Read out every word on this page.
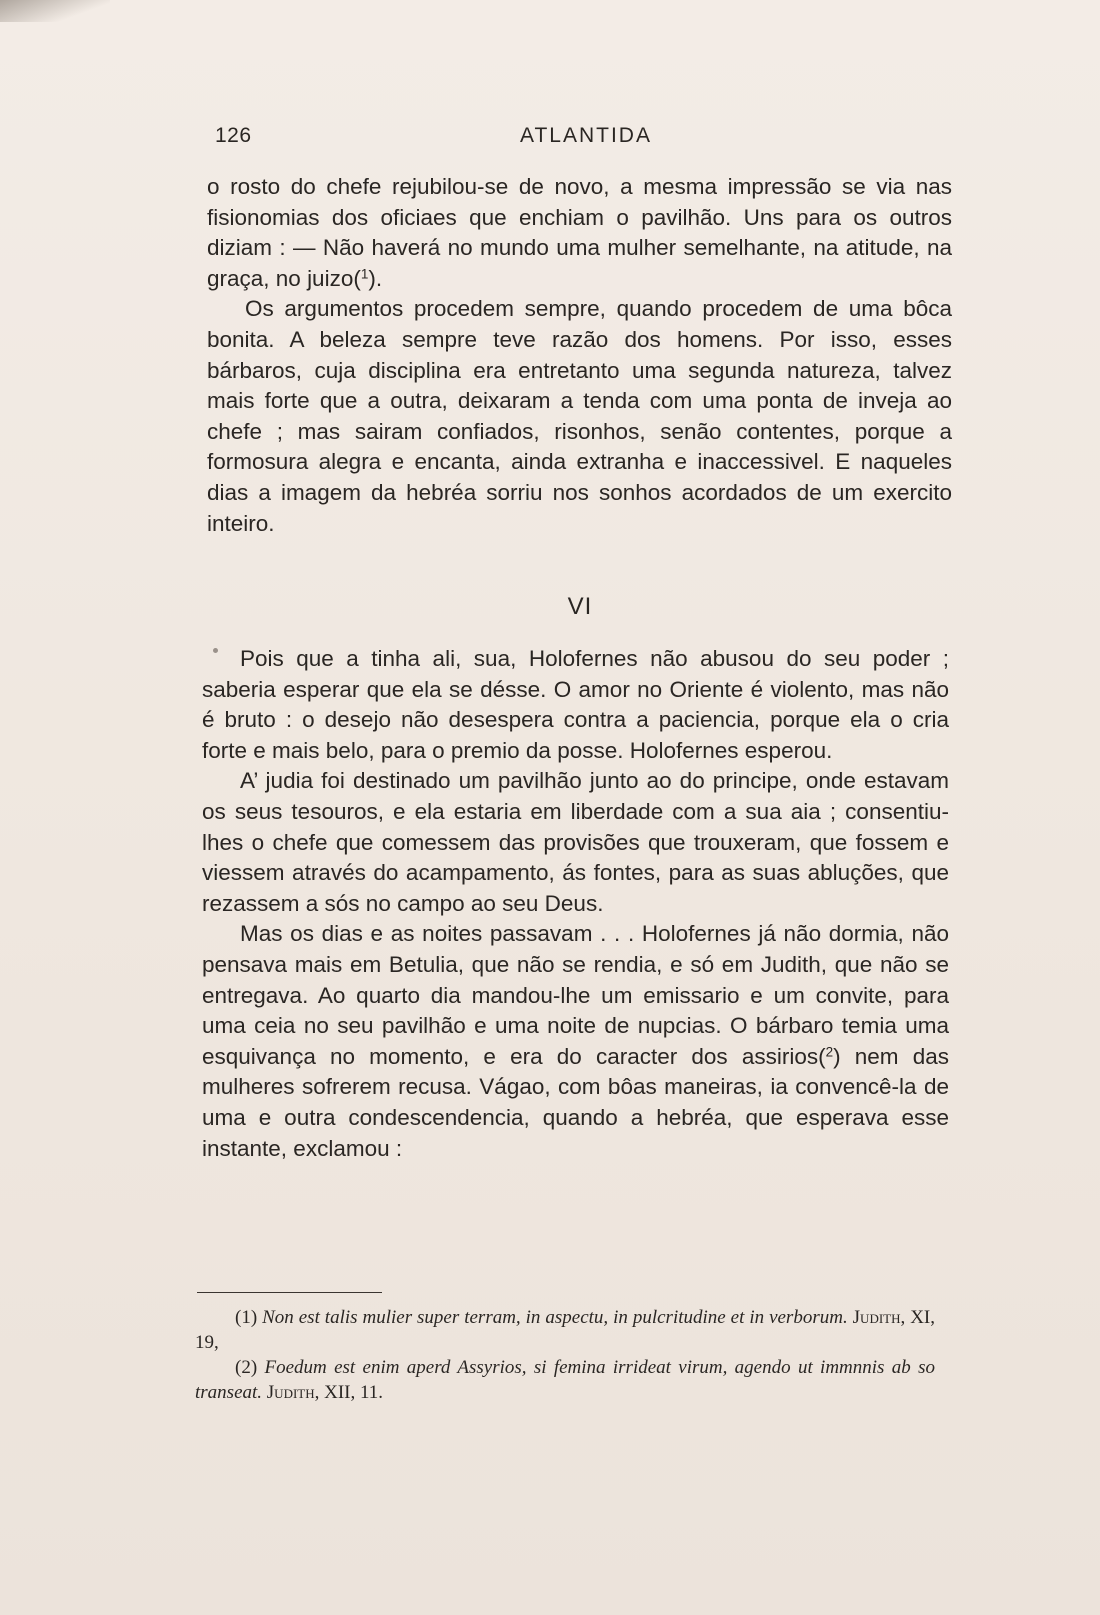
126	ATLANTIDA

o rosto do chefe rejubilou-se de novo, a mesma impressão se via nas fisionomias dos oficiaes que enchiam o pavilhão. Uns para os outros diziam : — Não haverá no mundo uma mulher semelhante, na atitude, na graça, no juizo($^1$).

Os argumentos procedem sempre, quando procedem de uma bôca bonita. A beleza sempre teve razão dos homens. Por isso, esses bárbaros, cuja disciplina era entretanto uma segunda natureza, talvez mais forte que a outra, deixaram a tenda com uma ponta de inveja ao chefe ; mas sairam confiados, risonhos, senão contentes, porque a formosura alegra e encanta, ainda extranha e inaccessivel. E naqueles dias a imagem da hebréa sorriu nos sonhos acordados de um exercito inteiro.

VI

Pois que a tinha ali, sua, Holofernes não abusou do seu poder ; saberia esperar que ela se désse. O amor no Oriente é violento, mas não é bruto : o desejo não desespera contra a paciencia, porque ela o cria forte e mais belo, para o premio da posse. Holofernes esperou.

A’ judia foi destinado um pavilhão junto ao do principe, onde estavam os seus tesouros, e ela estaria em liberdade com a sua aia ; consentiu-lhes o chefe que comessem das provisões que trouxeram, que fossem e viessem através do acampamento, ás fontes, para as suas abluções, que rezassem a sós no campo ao seu Deus.

Mas os dias e as noites passavam . . . Holofernes já não dormia, não pensava mais em Betulia, que não se rendia, e só em Judith, que não se entregava. Ao quarto dia mandou-lhe um emissario e um convite, para uma ceia no seu pavilhão e uma noite de nupcias. O bárbaro temia uma esquivança no momento, e era do caracter dos assirios($^2$) nem das mulheres sofrerem recusa. Vágao, com bôas maneiras, ia convencê-la de uma e outra condescendencia, quando a hebréa, que esperava esse instante, exclamou :

(1) Non est talis mulier super terram, in aspectu, in pulcritudine et in verborum. Judith, XI, 19,

(2) Foedum est enim aperd Assyrios, si femina irrideat virum, agendo ut immnnis ab so transeat. Judith, XII, 11.
